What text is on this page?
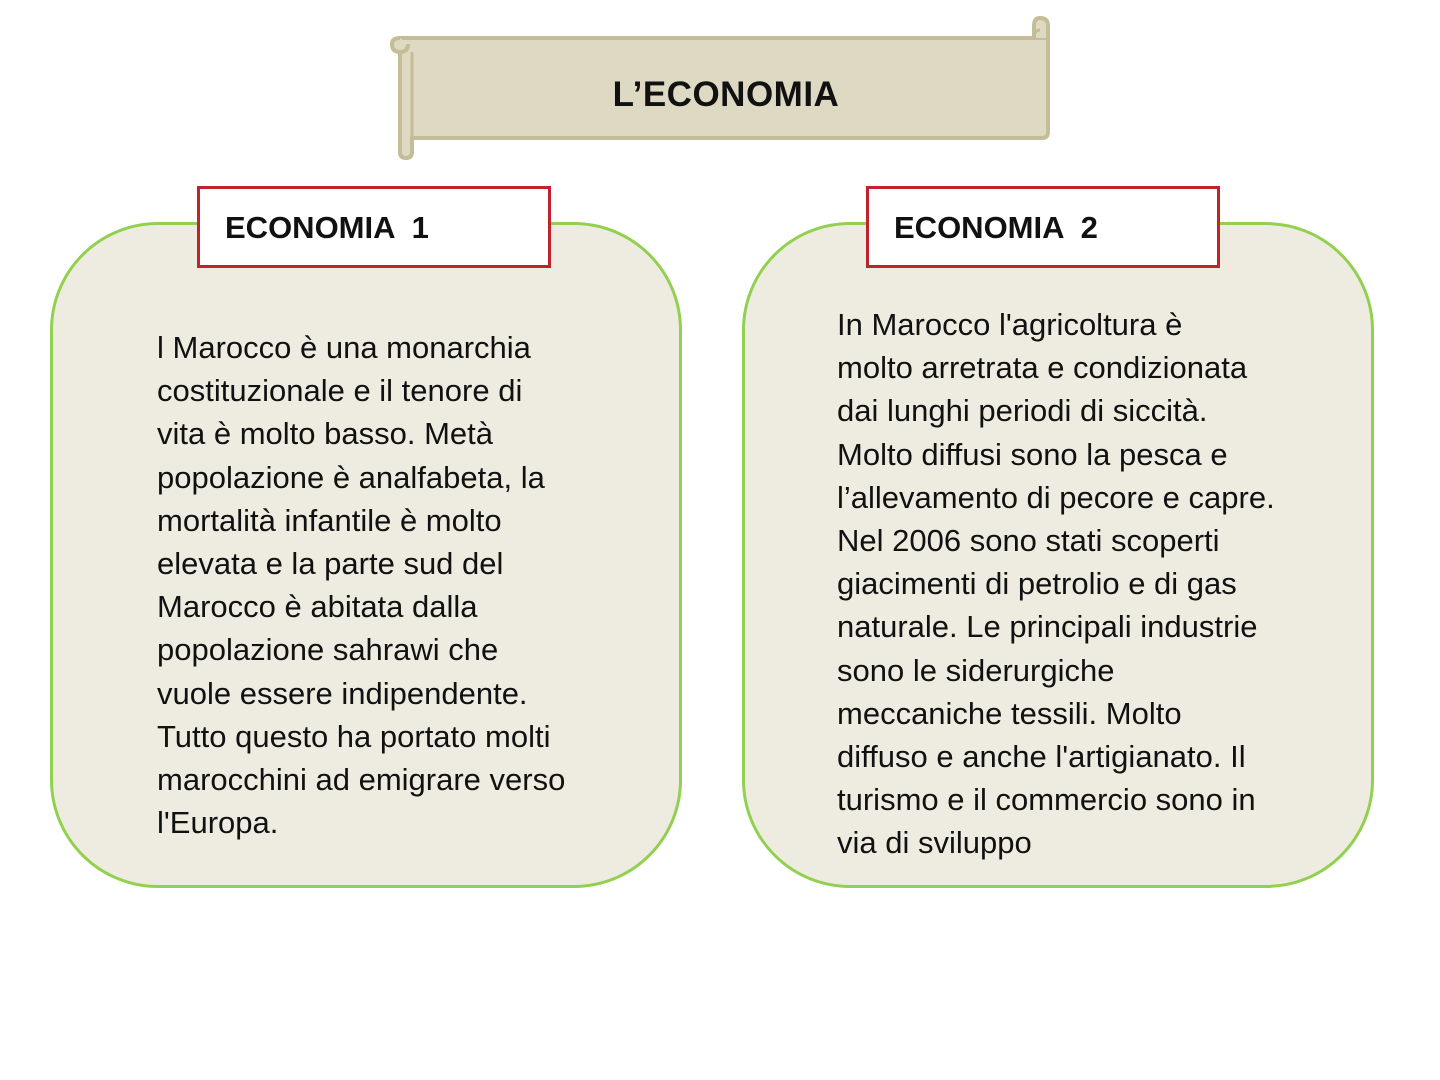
L’ECONOMIA
l Marocco è una monarchia
costituzionale e il tenore di
vita è molto basso. Metà
popolazione è analfabeta, la
mortalità infantile è molto
elevata e la parte sud del
Marocco è abitata dalla
popolazione sahrawi che
vuole essere indipendente.
Tutto questo ha portato molti
marocchini ad emigrare verso
l'Europa.
ECONOMIA  1
In Marocco l'agricoltura è
molto arretrata e condizionata
dai lunghi periodi di siccità.
Molto diffusi sono la pesca e
l’allevamento di pecore e capre.
Nel 2006 sono stati scoperti
giacimenti di petrolio e di gas
naturale. Le principali industrie
sono le siderurgiche
meccaniche tessili. Molto
diffuso e anche l'artigianato. Il
turismo e il commercio sono in
via di sviluppo
ECONOMIA  2
